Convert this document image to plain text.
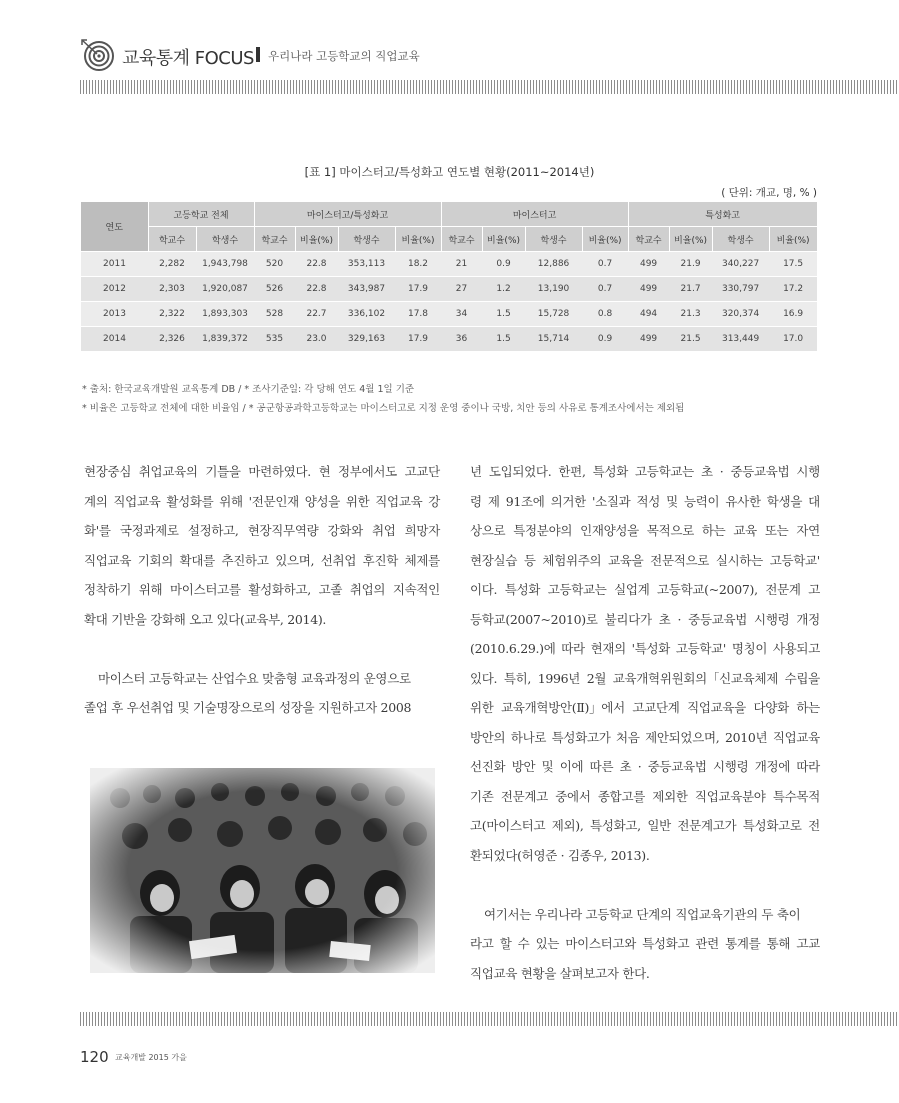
교육통계 FOCUS 우리나라 고등학교의 직업교육
[표 1] 마이스터고/특성화고 연도별 현황(2011~2014년)
( 단위: 개교, 명, % )
연도	고등학교 전체		마이스터고/특성화고				마이스터고				특성화고			
	학교수	학생수	학교수	비율(%)	학생수	비율(%)	학교수	비율(%)	학생수	비율(%)	학교수	비율(%)	학생수	비율(%)
2011	2,282	1,943,798	520	22.8	353,113	18.2	21	0.9	12,886	0.7	499	21.9	340,227	17.5
2012	2,303	1,920,087	526	22.8	343,987	17.9	27	1.2	13,190	0.7	499	21.7	330,797	17.2
2013	2,322	1,893,303	528	22.7	336,102	17.8	34	1.5	15,728	0.8	494	21.3	320,374	16.9
2014	2,326	1,839,372	535	23.0	329,163	17.9	36	1.5	15,714	0.9	499	21.5	313,449	17.0
* 출처: 한국교육개발원 교육통계 DB / * 조사기준일: 각 당해 연도 4월 1일 기준
* 비율은 고등학교 전체에 대한 비율임 / * 공군항공과학고등학교는 마이스터고로 지정 운영 중이나 국방, 치안 등의 사유로 통계조사에서는 제외됨

현장중심 취업교육의 기틀을 마련하였다. 현 정부에서도 고교단

계의 직업교육 활성화를 위해 '전문인재 양성을 위한 직업교육 강

화'를 국정과제로 설정하고, 현장직무역량 강화와 취업 희망자

직업교육 기회의 확대를 추진하고 있으며, 선취업 후진학 체제를

정착하기 위해 마이스터고를 활성화하고, 고졸 취업의 지속적인

확대 기반을 강화해 오고 있다(교육부, 2014).

마이스터 고등학교는 산업수요 맞춤형 교육과정의 운영으로

졸업 후 우선취업 및 기술명장으로의 성장을 지원하고자 2008

년 도입되었다. 한편, 특성화 고등학교는 초 · 중등교육법 시행

령 제 91조에 의거한 '소질과 적성 및 능력이 유사한 학생을 대

상으로 특정분야의 인재양성을 목적으로 하는 교육 또는 자연

현장실습 등 체험위주의 교육을 전문적으로 실시하는 고등학교'

이다. 특성화 고등학교는 실업계 고등학교(~2007), 전문계 고

등학교(2007~2010)로 불리다가 초 · 중등교육법 시행령 개정

(2010.6.29.)에 따라 현재의 '특성화 고등학교' 명칭이 사용되고

있다. 특히, 1996년 2월 교육개혁위원회의「신교육체제 수립을

위한 교육개혁방안(Ⅱ)」에서 고교단계 직업교육을 다양화 하는

방안의 하나로 특성화고가 처음 제안되었으며, 2010년 직업교육

선진화 방안 및 이에 따른 초 · 중등교육법 시행령 개정에 따라

기존 전문계고 중에서 종합고를 제외한 직업교육분야 특수목적

고(마이스터고 제외), 특성화고, 일반 전문계고가 특성화고로 전

환되었다(허영준 · 김종우, 2013).

여기서는 우리나라 고등학교 단계의 직업교육기관의 두 축이

라고 할 수 있는 마이스터고와 특성화고 관련 통계를 통해 고교

직업교육 현황을 살펴보고자 한다.

120 교육개발 2015 가을
